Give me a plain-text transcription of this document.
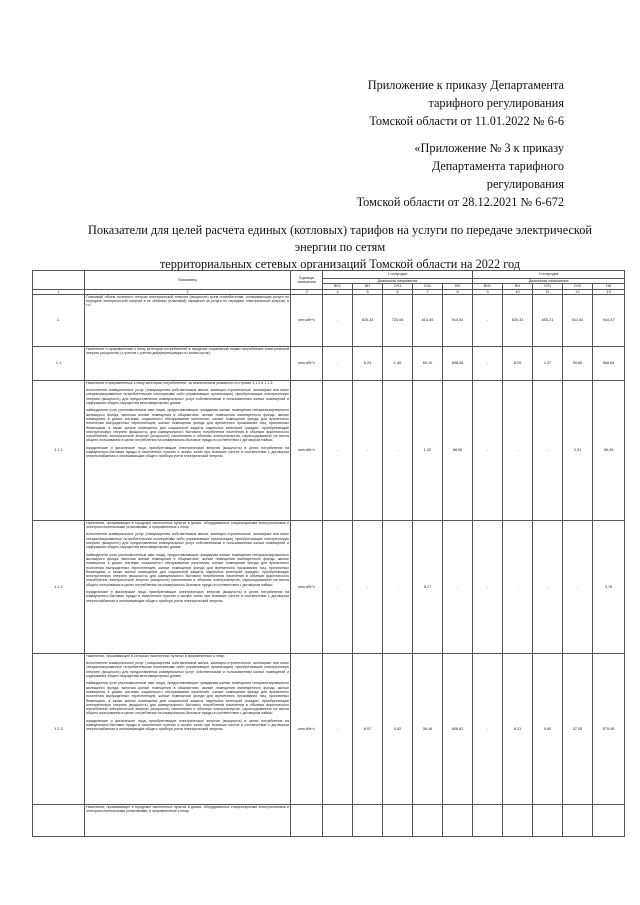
Приложение к приказу Департамента
тарифного регулирования
Томской области от 11.01.2022 № 6-6
«Приложение № 3 к приказу
Департамента тарифного
регулирования
Томской области от 28.12.2021 № 6-672
Показатели для целей расчета единых (котловых) тарифов на услуги по передаче электрической
энергии по сетям
территориальных сетевых организаций Томской области на 2022 год
	Показатель	Единица измерения	1 полугодие					2 полугодие				
			Диапазоны напряжения					Диапазоны напряжения				
			ВН1	ВН	СН1	СН2	НН	ВН1	ВН	СН1	СН2	НН
1	2	3	4	5	6	7	8	9	10	11	12	13
1.	Плановый объем полезного отпуска электрической энергии (мощности) всем потребителям, оплачивающим услуги по передаче электрической энергии в ее объемах (плановой) тарифной за услуги по передаче электрической энергии, в т.ч.:	млн.кВт*ч	-	826,33	720,06	613,45	914,54	-	826,33	655,21	611,64	944,47
1.1	Население и приравненные к нему категории потребителей в пределах социальной нормы потребления электрической энергии (мощности) (с учетом с учетом дифференциации по зонам суток):	млн.кВт*ч	-	8,24	1,40	60,10	698,48	-	8,20	1,37	59,80	668,84
1.1.1	Население и приравненные к нему категории потребителей, за исключением указанного в строках 1.1.2 и 1.1.3:

исполнители коммунальных услуг (товарищества собственников жилья, жилищно-строительные, жилищные или иные специализированные потребительские кооперативы либо управляющие организации), приобретающие электрическую энергию (мощность) для предоставления коммунальных услуг собственникам и пользователям жилых помещений и содержания общего имущества многоквартирных домов;

наймодатели (или уполномоченные ими лица), предоставляющие гражданам жилые помещения специализированного жилищного фонда, включая жилые помещения в общежитиях, жилые помещения маневренного фонда, жилые помещения в домах системы социального обслуживания населения, жилые помещения фонда для временного поселения вынужденных переселенцев, жилые помещения фонда для временного проживания лиц, признанных беженцами, а также жилые помещения для социальной защиты отдельных категорий граждан, приобретающие электрическую энергию (мощность) для коммунального бытового потребления населения в объемах фактического потребления электрической энергии (мощности) населением и объемах электроэнергии, израсходованной на места общего пользования в целях потребления на коммунально-бытовые нужды в соответствии с договором найма;

юридические и физические лица, приобретающие электрическую энергию (мощность) в целях потребления на коммунально-бытовые нужды в населенных пунктах и жилых зонах при воинских частях в соответствии с договором энергоснабжения и оплачивающие общего прибора учета электрической энергии.	млн.кВт*ч	-	-	-	1,92	68,56	-	-	-	0,91	96,26
1.1.2	Население, проживающее в городских населенных пунктах в домах, оборудованных стационарными электроплитами и электроотопительными установками, и приравненные к нему:

исполнители коммунальных услуг (товарищества собственников жилья, жилищно-строительные, жилищные или иные специализированные потребительские кооперативы либо управляющие организации), приобретающие электрическую энергию (мощность) для предоставления коммунальных услуг собственникам и пользователям жилых помещений и содержания общего имущества многоквартирных домов;

наймодатели (или уполномоченные ими лица), предоставляющие гражданам жилые помещения специализированного жилищного фонда, включая жилые помещения в общежитиях, жилые помещения маневренного фонда, жилые помещения в домах системы социального обслуживания населения, жилые помещения фонда для временного поселения вынужденных переселенцев, жилые помещения фонда для временного проживания лиц, признанных беженцами, а также жилые помещения для социальной защиты отдельных категорий граждан, приобретающие электрическую энергию (мощность) для коммунального бытового потребления населения в объемах фактического потребления электрической энергии (мощности) населением и объемах электроэнергии, израсходованной на места общего пользования в целях потребления на коммунально-бытовые нужды в соответствии с договором найма;

юридические и физические лица, приобретающие электрическую энергию (мощность) в целях потребления на коммунально-бытовые нужды в населенных пунктах и жилых зонах при воинских частях в соответствии с договором энергоснабжения и оплачивающие общего прибора учета электрической энергии.	млн.кВт*ч	-	-	-	5,27	-	-	-	-	-	0,76
1.1.3	Население, проживающее в сельских населенных пунктах и приравненные к нему:

исполнители коммунальных услуг (товарищества собственников жилья, жилищно-строительные, жилищные или иные специализированные потребительские кооперативы либо управляющие организации), приобретающие электрическую энергию (мощность) для предоставления коммунальных услуг собственникам и пользователям жилых помещений и содержания общего имущества многоквартирных домов;

наймодатели (или уполномоченные ими лица), предоставляющие гражданам жилые помещения специализированного жилищного фонда, включая жилые помещения в общежитиях, жилые помещения маневренного фонда, жилые помещения в домах системы социального обслуживания населения, жилые помещения фонда для временного поселения вынужденных переселенцев, жилые помещения фонда для временного проживания лиц, признанных беженцами, а также жилые помещения для социальной защиты отдельных категорий граждан, приобретающие электрическую энергию (мощность) для коммунального бытового потребления населения в объемах фактического потребления электрической энергии (мощности) населением и объемах электроэнергии, израсходованной на места общего пользования в целях потребления на коммунально-бытовые нужды в соответствии с договором найма;

юридические и физические лица, приобретающие электрическую энергию (мощность) в целях потребления на коммунально-бытовые нужды в населенных пунктах и жилых зонах при воинских частях в соответствии с договором энергоснабжения и оплачивающие общего прибора учета электрической энергии.	млн.кВт*ч	-	8,07	0,62	36,46	608,81	-	8,31	0,60	37,05	579,46

	Население, проживающее в городских населенных пунктах в домах, оборудованных стационарными электроплитами и электроотопительными установками, и приравненные к нему:											
